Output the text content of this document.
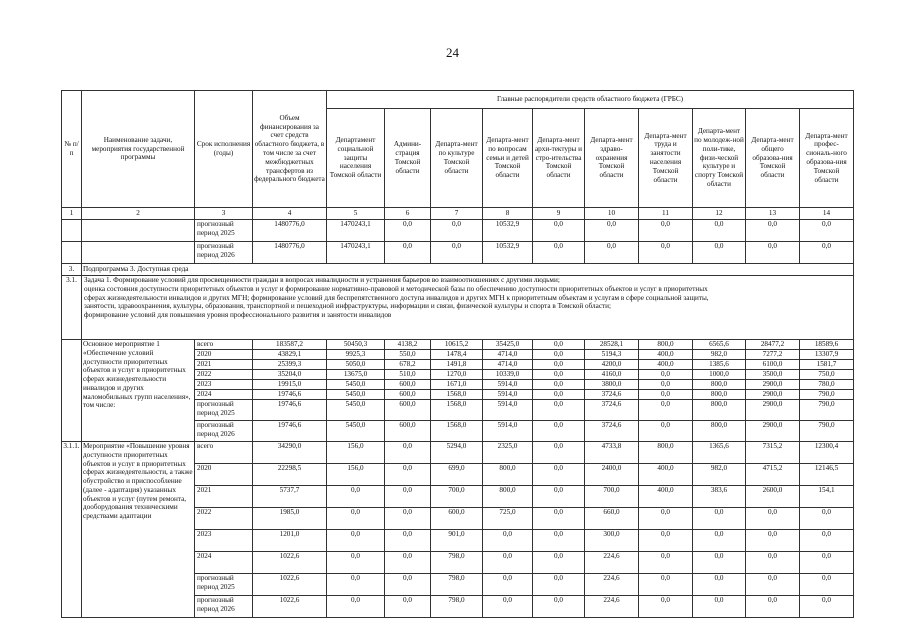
24
№ п/п	Наименование задачи, мероприятия государственной программы	Срок исполнения (годы)	Объем финансирования за счет средств областного бюджета, в том числе за счет межбюджетных трансфертов из федерального бюджета	Главные распорядители средств областного бюджета (ГРБС)									
				Департамент социальной защиты населения Томской области	Админи-страция Томской области	Департа-мент по культуре Томской области	Департа-мент по вопросам семьи и детей Томской области	Департа-мент архи-тектуры и стро-ительства Томской области	Департа-мент здраво-охранения Томской области	Департа-мент труда и занятости населения Томской области	Департа-мент по молодеж-ной поли-тике, физи-ческой культуре и спорту Томской области	Департа-мент общего образова-ния Томской области	Департа-мент профес-сиональ-ного образова-ния Томской области
1	2	3	4	5	6	7	8	9	10	11	12	13	14
		прогнозный период 2025	1480776,0	1470243,1	0,0	0,0	10532,9	0,0	0,0	0,0	0,0	0,0	0,0
		прогнозный период 2026	1480776,0	1470243,1	0,0	0,0	10532,9	0,0	0,0	0,0	0,0	0,0	0,0
3.	Подпрограмма 3. Доступная среда												
3.1.	Задача 1. Формирование условий для просвещенности граждан в вопросах инвалидности и устранения барьеров во взаимоотношениях с другими людьми;
оценка состояния доступности приоритетных объектов и услуг и формирование нормативно-правовой и методической базы по обеспечению доступности приоритетных объектов и услуг в приоритетных
сферах жизнедеятельности инвалидов и других МГН; формирование условий для беспрепятственного доступа инвалидов и других МГН к приоритетным объектам и услугам в сфере социальной защиты,
занятости, здравоохранения, культуры, образования, транспортной и пешеходной инфраструктуры, информации и связи, физической культуры и спорта в Томской области;
формирование условий для повышения уровня профессионального развития и занятости инвалидов												

	Основное мероприятие 1 «Обеспечение условий доступности приоритетных объектов и услуг в приоритетных сферах жизнедеятельности инвалидов и других маломобильных групп населения», том числе:	всего	183587,2	50450,3	4138,2	10615,2	35425,0	0,0	28528,1	800,0	6565,6	28477,2	18589,6
		2020	43829,1	9925,3	550,0	1478,4	4714,0	0,0	5194,3	400,0	982,0	7277,2	13307,9
		2021	25399,3	5050,0	678,2	1491,8	4714,0	0,0	4200,0	400,0	1385,6	6100,0	1581,7
		2022	35204,0	13675,0	510,0	1270,0	10339,0	0,0	4160,0	0,0	1000,0	3500,0	750,0
		2023	19915,0	5450,0	600,0	1671,0	5914,0	0,0	3800,0	0,0	800,0	2900,0	780,0
		2024	19746,6	5450,0	600,0	1568,0	5914,0	0,0	3724,6	0,0	800,0	2900,0	790,0
		прогнозный период 2025	19746,6	5450,0	600,0	1568,0	5914,0	0,0	3724,6	0,0	800,0	2900,0	790,0
		прогнозный период 2026	19746,6	5450,0	600,0	1568,0	5914,0	0,0	3724,6	0,0	800,0	2900,0	790,0
3.1.1.	Мероприятие «Повышение уровня доступности приоритетных объектов и услуг в приоритетных сферах жизнедеятельности, а также обустройство и приспособление (далее - адаптация) указанных объектов и услуг (путем ремонта, дооборудования техническими средствами адаптации	всего	34290,0	156,0	0,0	5294,0	2325,0	0,0	4733,8	800,0	1365,6	7315,2	12300,4
		2020	22298,5	156,0	0,0	699,0	800,0	0,0	2400,0	400,0	982,0	4715,2	12146,5
		2021	5737,7	0,0	0,0	700,0	800,0	0,0	700,0	400,0	383,6	2600,0	154,1
		2022	1985,0	0,0	0,0	600,0	725,0	0,0	660,0	0,0	0,0	0,0	0,0
		2023	1201,0	0,0	0,0	901,0	0,0	0,0	300,0	0,0	0,0	0,0	0,0
		2024	1022,6	0,0	0,0	798,0	0,0	0,0	224,6	0,0	0,0	0,0	0,0
		прогнозный период 2025	1022,6	0,0	0,0	798,0	0,0	0,0	224,6	0,0	0,0	0,0	0,0
		прогнозный период 2026	1022,6	0,0	0,0	798,0	0,0	0,0	224,6	0,0	0,0	0,0	0,0
